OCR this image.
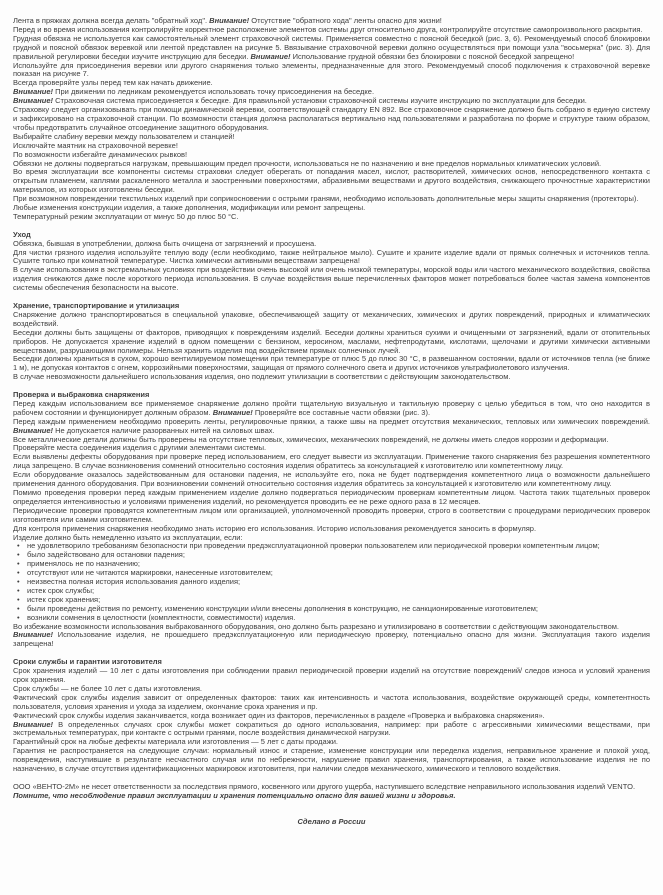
Лента в пряжках должна всегда делать "обратный ход". Внимание! Отсутствие "обратного хода" ленты опасно для жизни!

Перед и во время использования контролируйте корректное расположение элементов системы друг относительно друга, контролируйте отсутствие самопроизвольного раскрытия.

Грудная обвязка не используется как самостоятельный элемент страховочной системы. Применяется совместно с поясной беседкой (рис. 3, 6). Рекомендуемый способ блокировки грудной и поясной обвязок веревкой или лентой представлен на рисунке 5. Ввязывание страховочной веревки должно осуществляться при помощи узла "восьмерка" (рис. 3). Для правильной регулировки беседки изучите инструкцию для беседки. Внимание! Использование грудной обвязки без блокировки с поясной беседкой запрещено!

Используйте для присоединения веревки или другого снаряжения только элементы, предназначенные для этого. Рекомендуемый способ подключения к страховочной веревке показан на рисунке 7.

Всегда проверяйте узлы перед тем как начать движение.

Внимание! При движении по ледникам рекомендуется использовать точку присоединения на беседке.

Внимание! Страховочная система присоединяется к беседке. Для правильной установки страховочной системы изучите инструкцию по эксплуатации для беседки.

Страховку следует организовывать при помощи динамической веревки, соответствующей стандарту EN 892. Все страховочное снаряжение должно быть собрано в единую систему и зафиксировано на страховочной станции. По возможности станция должна располагаться вертикально над пользователями и разработана по форме и структуре таким образом, чтобы предотвратить случайное отсоединение защитного оборудования.

Выбирайте слабину веревки между пользователем и станцией!

Исключайте маятник на страховочной веревке!

По возможности избегайте динамических рывков!

Обвязки не должны подвергаться нагрузкам, превышающим предел прочности, использоваться не по назначению и вне пределов нормальных климатических условий.

Во время эксплуатации все компоненты системы страховки следует оберегать от попадания масел, кислот, растворителей, химических основ, непосредственного контакта с открытым пламенем, каплями раскаленного металла и заостренными поверхностями, абразивными веществами и другого воздействия, снижающего прочностные характеристики материалов, из которых изготовлены беседки.

При возможном повреждении текстильных изделий при соприкосновении с острыми гранями, необходимо использовать дополнительные меры защиты снаряжения (протекторы).

Любые изменения конструкции изделия, а также дополнения, модификации или ремонт запрещены.

Температурный режим эксплуатации от минус 50 до плюс 50 °C.

Уход

Обвязка, бывшая в употреблении, должна быть очищена от загрязнений и просушена.

Для чистки грязного изделия используйте теплую воду (если необходимо, также нейтральное мыло). Сушите и храните изделие вдали от прямых солнечных и источников тепла. Сушите только при комнатной температуре. Чистка химически активными веществами запрещена!

В случае использования в экстремальных условиях при воздействии очень высокой или очень низкой температуры, морской воды или частого механического воздействия, свойства изделия снижаются даже после короткого периода использования. В случае воздействия выше перечисленных факторов может потребоваться более частая замена компонентов системы обеспечения безопасности на высоте.

Хранение, транспортирование и утилизация

Снаряжение должно транспортироваться в специальной упаковке, обеспечивающей защиту от механических, химических и других повреждений, природных и климатических воздействий.

Беседки должны быть защищены от факторов, приводящих к повреждениям изделий. Беседки должны храниться сухими и очищенными от загрязнений, вдали от отопительных приборов. Не допускается хранение изделий в одном помещении с бензином, керосином, маслами, нефтепродутами, кислотами, щелочами и другими химически активными веществами, разрушающими полимеры. Нельзя хранить изделия под воздействием прямых солнечных лучей.

Беседки должны храниться в сухом, хорошо вентилируемом помещении при температуре от плюс 5 до плюс 30 °C, в развешанном состоянии, вдали от источников тепла (не ближе 1 м), не допуская контактов с огнем, коррозийными поверхностями, защищая от прямого солнечного света и других источников ультрафиолетового излучения.

В случае невозможности дальнейшего использования изделия, оно подлежит утилизации в соответствии с действующим законодательством.

Проверка и выбраковка снаряжения

Перед каждым использованием все применяемое снаряжение должно пройти тщательную визуальную и тактильную проверку с целью убедиться в том, что оно находится в рабочем состоянии и функционирует должным образом. Внимание! Проверяйте все составные части обвязки (рис. 3).

Перед каждым применением необходимо проверить ленты, регулировочные пряжки, а также швы на предмет отсутствия механических, тепловых или химических повреждений. Внимание! Не допускается наличие разорванных нитей на силовых швах.

Все металлические детали должны быть проверены на отсутствие тепловых, химических, механических повреждений, не должны иметь следов коррозии и деформации.

Проверяйте места соединения изделия с другими элементами системы.

Если выявлены дефекты оборудования при проверке перед использованием, его следует вывести из эксплуатации. Применение такого снаряжения без разрешения компетентного лица запрещено. В случае возникновения сомнений относительно состояния изделия обратитесь за консультацией к изготовителю или компетентному лицу.

Если оборудование оказалось задействованным для остановки падения, не используйте его, пока не будет подтверждения компетентного лица о возможности дальнейшего применения данного оборудования. При возникновении сомнений относительно состояния изделия обратитесь за консультацией к изготовителю или компетентному лицу.

Помимо проведения проверки перед каждым применением изделие должно подвергаться периодическим проверкам компетентным лицом. Частота таких тщательных проверок определяется интенсивностью и условиями применения изделий, но рекомендуется проводить ее не реже одного раза в 12 месяцев.

Периодические проверки проводятся компетентным лицом или организацией, уполномоченной проводить проверки, строго в соответствии с процедурами периодических проверок изготовителя или самим изготовителем.

Для контроля применения снаряжения необходимо знать историю его использования. Историю использования рекомендуется заносить в формуляр.

Изделие должно быть немедленно изъято из эксплуатации, если:

• не удовлетворило требованиям безопасности при проведении предэксплуатационной проверки пользователем или периодической проверки компетентным лицом;
• было задействовано для остановки падения;
• применялось не по назначению;
• отсутствуют или не читаются маркировки, нанесенные изготовителем;
• неизвестна полная история использования данного изделия;
• истек срок службы;
• истек срок хранения;
• были проведены действия по ремонту, изменению конструкции и/или внесены дополнения в конструкцию, не санкционированные изготовителем;
• возникли сомнения в целостности (комплектности, совместимости) изделия.

Во избежание возможности использования выбракованного оборудования, оно должно быть разрезано и утилизировано в соответствии с действующим законодательством.

Внимание! Использование изделия, не прошедшего предэксплуатационную или периодическую проверку, потенциально опасно для жизни. Эксплуатация такого изделия запрещена!

Сроки службы и гарантии изготовителя

Срок хранения изделий — 10 лет с даты изготовления при соблюдении правил периодической проверки изделий на отсутствие повреждений/ следов износа и условий хранения срок хранения.

Срок службы — не более 10 лет с даты изготовления.

Фактический срок службы изделия зависит от определенных факторов: таких как интенсивность и частота использования, воздействие окружающей среды, компетентность пользователя, условия хранения и ухода за изделием, окончание срока хранения и пр.

Фактический срок службы изделия заканчивается, когда возникает один из факторов, перечисленных в разделе «Проверка и выбраковка снаряжения».

Внимание! В определенных случаях срок службы может сократиться до одного использования, например: при работе с агрессивными химическими веществами, при экстремальных температурах, при контакте с острыми гранями, после воздействия динамической нагрузки.

Гарантийный срок на любые дефекты материала или изготовления — 5 лет с даты продажи.

Гарантия не распространяется на следующие случаи: нормальный износ и старение, изменение конструкции или переделка изделия, неправильное хранение и плохой уход, повреждения, наступившие в результате несчастного случая или по небрежности, нарушение правил хранения, транспортирования, а также использование изделия не по назначению, в случае отсутствия идентификационных маркировок изготовителя, при наличии следов механического, химического и теплового воздействия.

ООО «ВЕНТО-2М» не несет ответственности за последствия прямого, косвенного или другого ущерба, наступившего вследствие неправильного использования изделий VENTO.

Помните, что несоблюдение правил эксплуатации и хранения потенциально опасно для вашей жизни и здоровья.

Сделано в России
